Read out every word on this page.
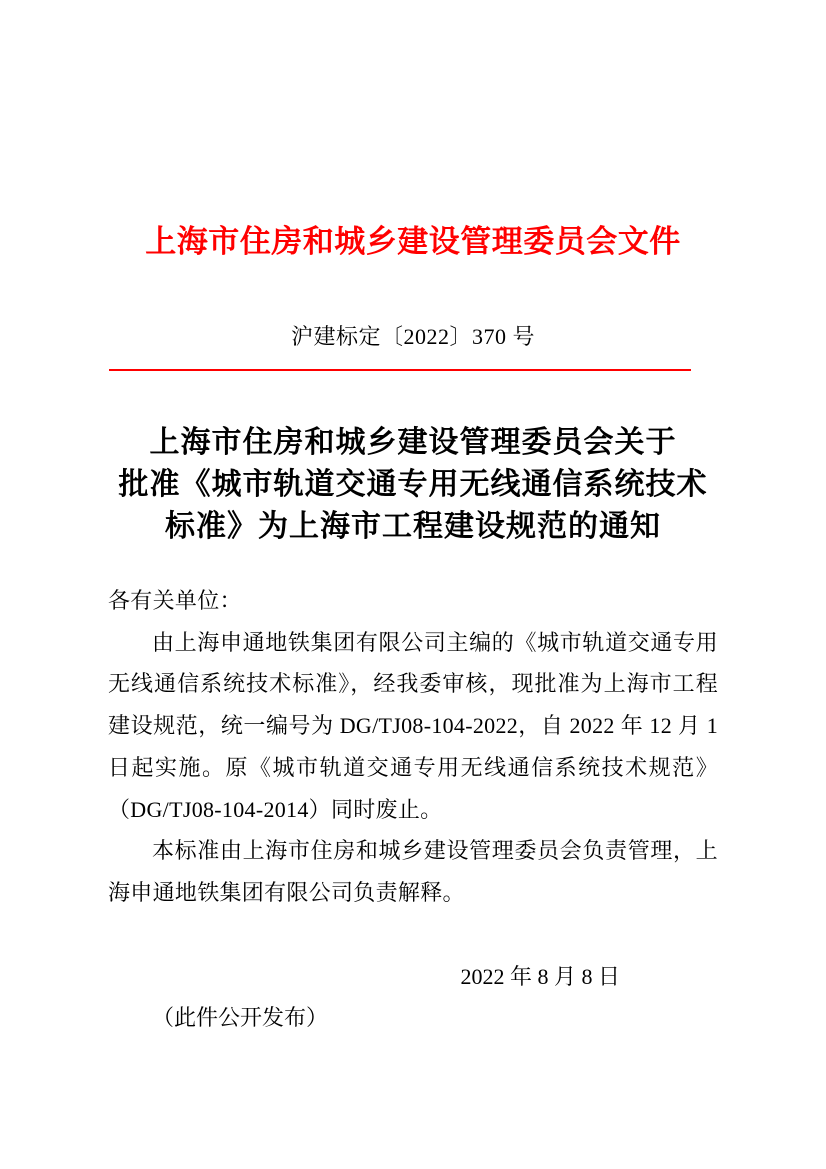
上海市住房和城乡建设管理委员会文件
沪建标定〔2022〕370 号
上海市住房和城乡建设管理委员会关于
批准《城市轨道交通专用无线通信系统技术
标准》为上海市工程建设规范的通知

各有关单位：

由上海申通地铁集团有限公司主编的《城市轨道交通专用无线通信系统技术标准》，经我委审核，现批准为上海市工程建设规范，统一编号为 DG/TJ08-104-2022，自 2022 年 12 月 1 日起实施。原《城市轨道交通专用无线通信系统技术规范》（DG/TJ08-104-2014）同时废止。

本标准由上海市住房和城乡建设管理委员会负责管理，上海申通地铁集团有限公司负责解释。

2022 年 8 月 8 日
（此件公开发布）
